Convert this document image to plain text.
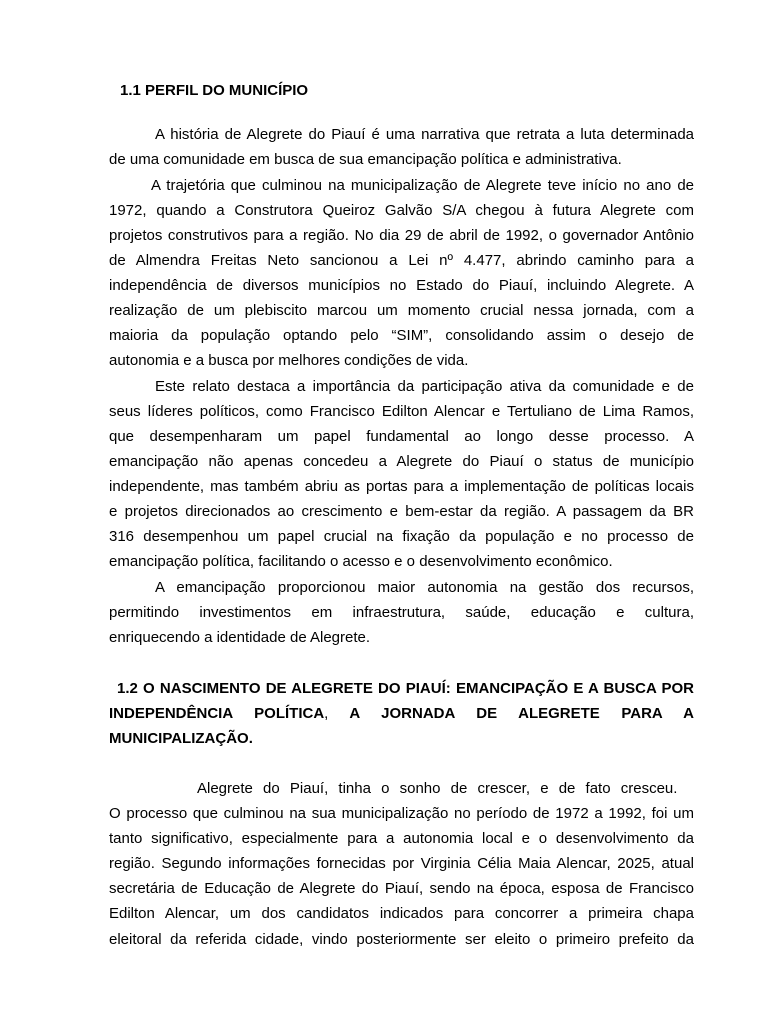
1.1 PERFIL DO MUNICÍPIO

A história de Alegrete do Piauí é uma narrativa que retrata a luta determinada

de uma comunidade em busca de sua emancipação política e administrativa.

A trajetória que culminou na municipalização de Alegrete teve início no ano de

1972, quando a Construtora Queiroz Galvão S/A chegou à futura Alegrete com

projetos construtivos para a região. No dia 29 de abril de 1992, o governador Antônio

de Almendra Freitas Neto sancionou a Lei nº 4.477, abrindo caminho para a

independência de diversos municípios no Estado do Piauí, incluindo Alegrete. A

realização de um plebiscito marcou um momento crucial nessa jornada, com a

maioria da população optando pelo “SIM”, consolidando assim o desejo de

autonomia e a busca por melhores condições de vida.

Este relato destaca a importância da participação ativa da comunidade e de

seus líderes políticos, como Francisco Edilton Alencar e Tertuliano de Lima Ramos,

que desempenharam um papel fundamental ao longo desse processo. A

emancipação não apenas concedeu a Alegrete do Piauí o status de município

independente, mas também abriu as portas para a implementação de políticas locais

e projetos direcionados ao crescimento e bem-estar da região. A passagem da BR

316 desempenhou um papel crucial na fixação da população e no processo de

emancipação política, facilitando o acesso e o desenvolvimento econômico.

A emancipação proporcionou maior autonomia na gestão dos recursos,

permitindo investimentos em infraestrutura, saúde, educação e cultura,

enriquecendo a identidade de Alegrete.

1.2 O NASCIMENTO DE ALEGRETE DO PIAUÍ: EMANCIPAÇÃO E A BUSCA POR INDEPENDÊNCIA POLÍTICA, A JORNADA DE ALEGRETE PARA A MUNICIPALIZAÇÃO.

Alegrete do Piauí, tinha o sonho de crescer, e de fato cresceu.

O processo que culminou na sua municipalização no período de 1972 a 1992, foi um

tanto significativo, especialmente para a autonomia local e o desenvolvimento da

região. Segundo informações fornecidas por Virginia Célia Maia Alencar, 2025, atual

secretária de Educação de Alegrete do Piauí, sendo na época, esposa de Francisco

Edilton Alencar, um dos candidatos indicados para concorrer a primeira chapa

eleitoral da referida cidade, vindo posteriormente ser eleito o primeiro prefeito da
